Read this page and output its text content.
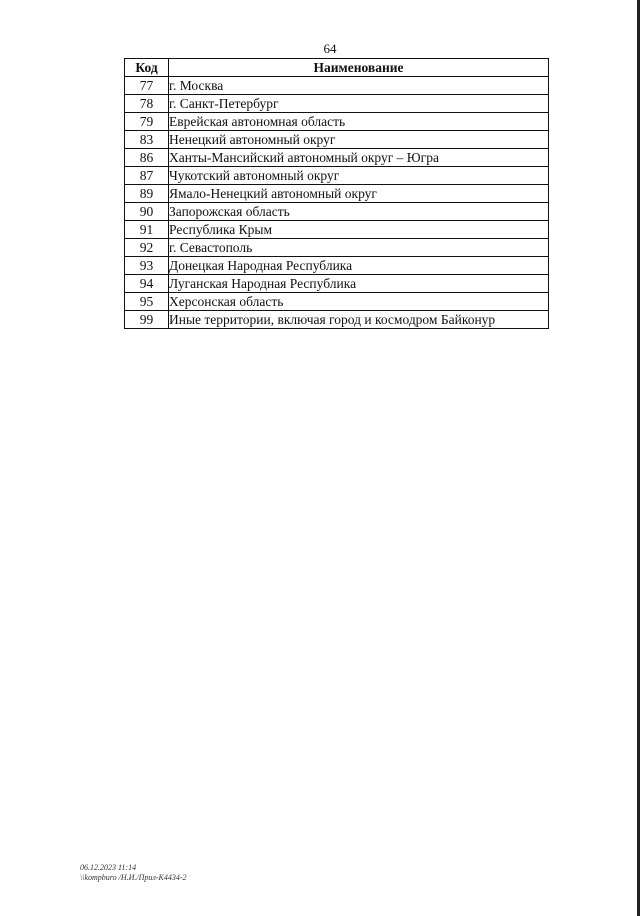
64
Код	Наименование
77	г. Москва
78	г. Санкт-Петербург
79	Еврейская автономная область
83	Ненецкий автономный округ
86	Ханты-Мансийский автономный округ – Югра
87	Чукотский автономный округ
89	Ямало-Ненецкий автономный округ
90	Запорожская область
91	Республика Крым
92	г. Севастополь
93	Донецкая Народная Республика
94	Луганская Народная Республика
95	Херсонская область
99	Иные территории, включая город и космодром Байконур
06.12.2023 11:14
\\kompburo /Н.И./Прил-К4434-2
